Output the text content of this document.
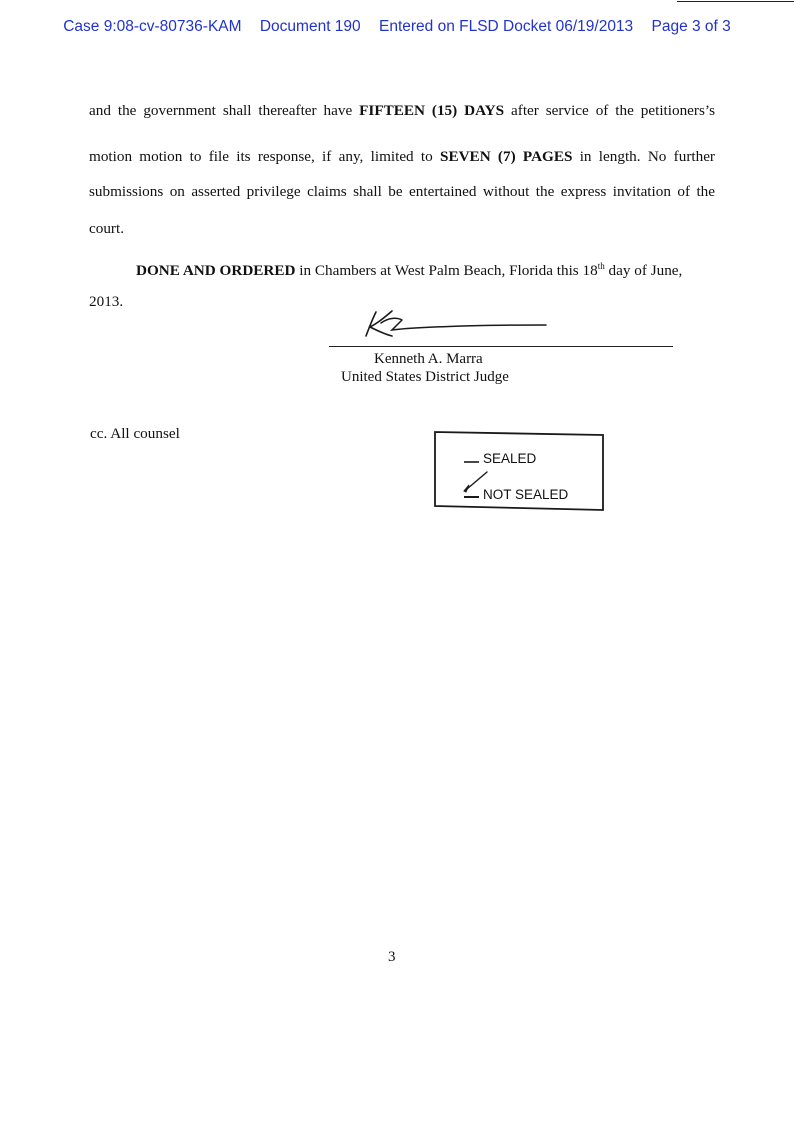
Case 9:08-cv-80736-KAM Document 190 Entered on FLSD Docket 06/19/2013 Page 3 of 3

and the government shall thereafter have FIFTEEN (15) DAYS after service of the petitioners’s

motion motion to file its response, if any, limited to SEVEN (7) PAGES in length. No further

submissions on asserted privilege claims shall be entertained without the express invitation of the

court.

DONE AND ORDERED in Chambers at West Palm Beach, Florida this 18th day of June,

2013.

Kenneth A. Marra
United States District Judge
cc. All counsel
SEALED
NOT SEALED
3
